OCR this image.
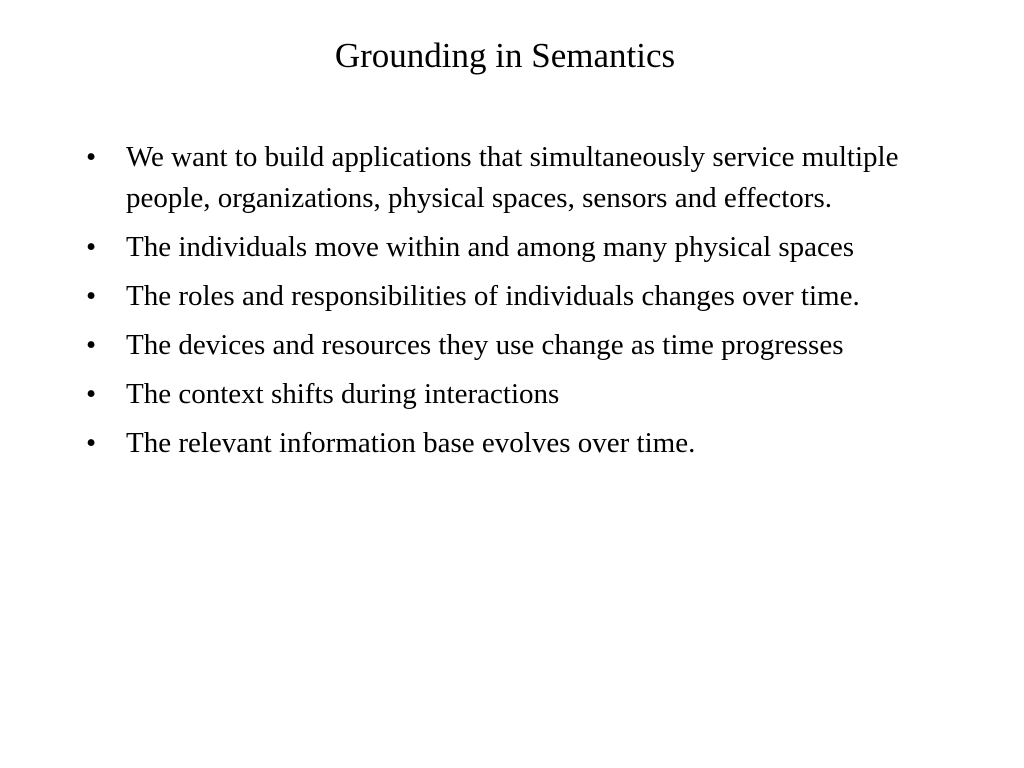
Grounding in Semantics
•	We want to build applications that simultaneously service multiple people, organizations, physical spaces, sensors and effectors.
•	The individuals move within and among many physical spaces
•	The roles and responsibilities of individuals changes over time.
•	The devices and resources they use change as time progresses
•	The context shifts during interactions
•	The relevant information base evolves over time.
